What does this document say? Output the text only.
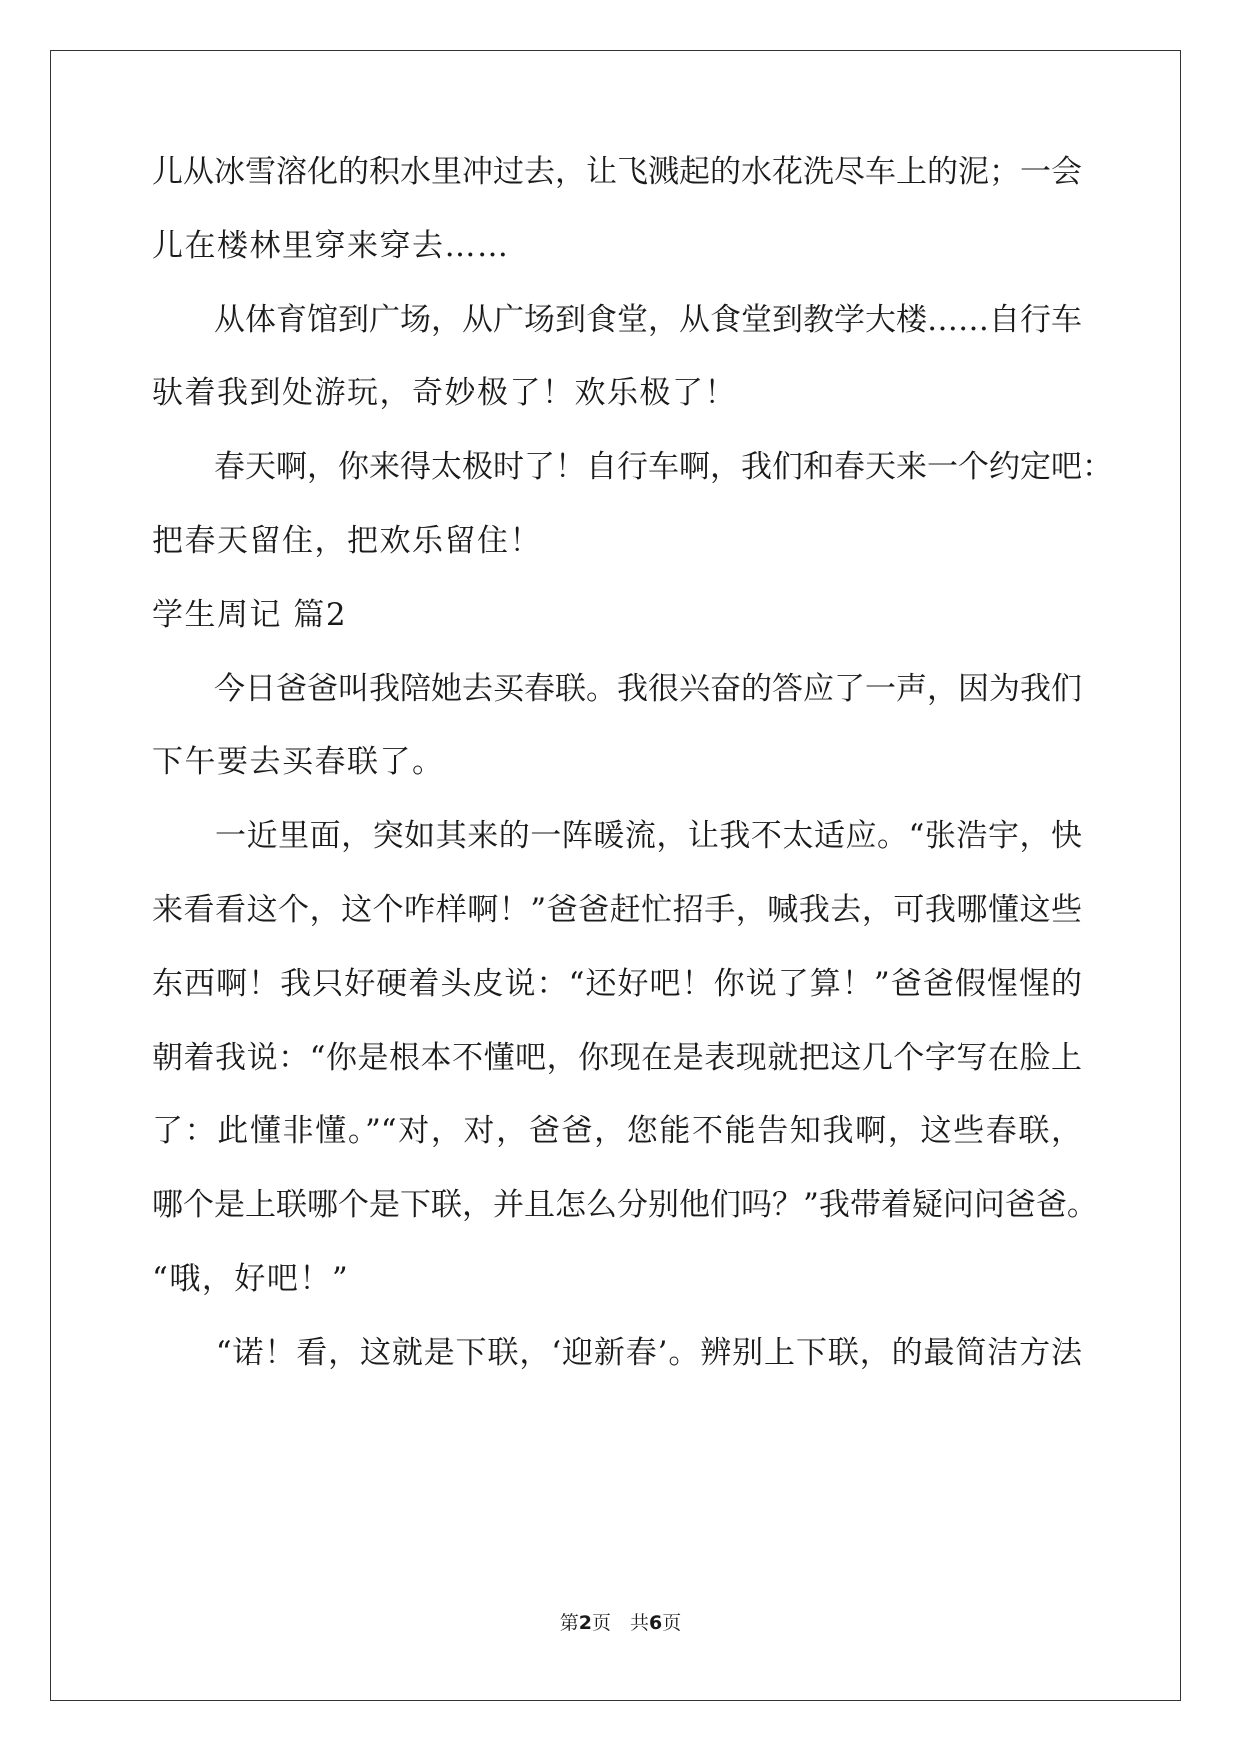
儿从冰雪溶化的积水里冲过去，让飞溅起的水花洗尽车上的泥；一会
儿在楼林里穿来穿去……
　　从体育馆到广场，从广场到食堂，从食堂到教学大楼……自行车
驮着我到处游玩，奇妙极了！欢乐极了！
　　春天啊，你来得太极时了！自行车啊，我们和春天来一个约定吧：
把春天留住，把欢乐留住！
学生周记 篇2
　　今日爸爸叫我陪她去买春联。我很兴奋的答应了一声，因为我们
下午要去买春联了。
　　一近里面，突如其来的一阵暖流，让我不太适应。“张浩宇，快
来看看这个，这个咋样啊！”爸爸赶忙招手，喊我去，可我哪懂这些
东西啊！我只好硬着头皮说：“还好吧！你说了算！”爸爸假惺惺的
朝着我说：“你是根本不懂吧，你现在是表现就把这几个字写在脸上
了：此懂非懂。”“对，对，爸爸，您能不能告知我啊，这些春联，
哪个是上联哪个是下联，并且怎么分别他们吗？”我带着疑问问爸爸。
“哦，好吧！”
　　“诺！看，这就是下联，‘迎新春’。辨别上下联，的最简洁方法
第2页　共6页
